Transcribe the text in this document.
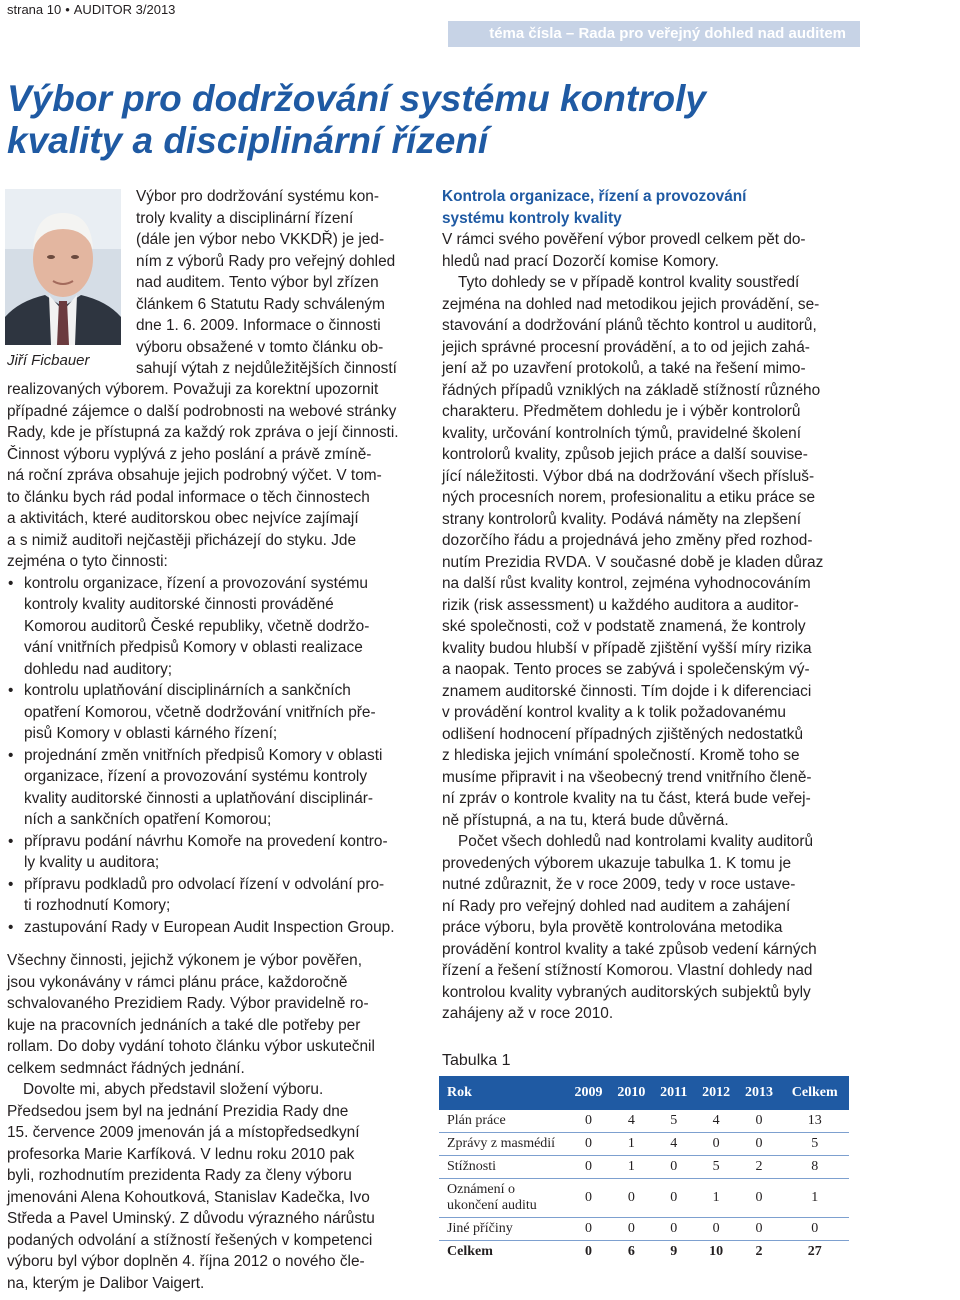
strana 10 • AUDITOR 3/2013
téma čísla – Rada pro veřejný dohled nad auditem
Výbor pro dodržování systému kontroly
kvality a disciplinární řízení
Jiří Ficbauer

Výbor pro dodržování systému kon-
troly kvality a disciplinární řízení
(dále jen výbor nebo VKKDŘ) je jed-
ním z výborů Rady pro veřejný dohled
nad auditem. Tento výbor byl zřízen
článkem 6 Statutu Rady schváleným
dne 1. 6. 2009. Informace o činnosti
výboru obsažené v tomto článku ob-
sahují výtah z nejdůležitějších činností

realizovaných výborem. Považuji za korektní upozornit
případné zájemce o další podrobnosti na webové stránky
Rady, kde je přístupná za každý rok zpráva o její činnosti.
Činnost výboru vyplývá z jeho poslání a právě zmíně-
ná roční zpráva obsahuje jejich podrobný výčet. V tom-
to článku bych rád podal informace o těch činnostech
a aktivitách, které auditorskou obec nejvíce zajímají
a s nimiž auditoři nejčastěji přicházejí do styku. Jde
zejména o tyto činnosti:

• kontrolu organizace, řízení a provozování systému
kontroly kvality auditorské činnosti prováděné
Komorou auditorů České republiky, včetně dodržo-
vání vnitřních předpisů Komory v oblasti realizace
dohledu nad auditory;
• kontrolu uplatňování disciplinárních a sankčních
opatření Komorou, včetně dodržování vnitřních pře-
pisů Komory v oblasti kárného řízení;
• projednání změn vnitřních předpisů Komory v oblasti
organizace, řízení a provozování systému kontroly
kvality auditorské činnosti a uplatňování disciplinár-
ních a sankčních opatření Komorou;
• přípravu podání návrhu Komoře na provedení kontro-
ly kvality u auditora;
• přípravu podkladů pro odvolací řízení v odvolání pro-
ti rozhodnutí Komory;
• zastupování Rady v European Audit Inspection Group.

Všechny činnosti, jejichž výkonem je výbor pověřen,
jsou vykonávány v rámci plánu práce, každoročně
schvalovaného Prezidiem Rady. Výbor pravidelně ro-
kuje na pracovních jednáních a také dle potřeby per
rollam. Do doby vydání tohoto článku výbor uskutečnil
celkem sedmnáct řádných jednání.

Dovolte mi, abych představil složení výboru.
Předsedou jsem byl na jednání Prezidia Rady dne
15. července 2009 jmenován já a místopředsedkyní
profesorka Marie Karfíková. V lednu roku 2010 pak
byli, rozhodnutím prezidenta Rady za členy výboru
jmenováni Alena Kohoutková, Stanislav Kadečka, Ivo
Středa a Pavel Uminský. Z důvodu výrazného nárůstu
podaných odvolání a stížností řešených v kompetenci
výboru byl výbor doplněn 4. října 2012 o nového čle-
na, kterým je Dalibor Vaigert.

Kontrola organizace, řízení a provozování
systému kontroly kvality

V rámci svého pověření výbor provedl celkem pět do-
hledů nad prací Dozorčí komise Komory.

Tyto dohledy se v případě kontrol kvality soustředí
zejména na dohled nad metodikou jejich provádění, se-
stavování a dodržování plánů těchto kontrol u auditorů,
jejich správné procesní provádění, a to od jejich zahá-
jení až po uzavření protokolů, a také na řešení mimo-
řádných případů vzniklých na základě stížností různého
charakteru. Předmětem dohledu je i výběr kontrolorů
kvality, určování kontrolních týmů, pravidelné školení
kontrolorů kvality, způsob jejich práce a další souvise-
jící náležitosti. Výbor dbá na dodržování všech přísluš-
ných procesních norem, profesionalitu a etiku práce se
strany kontrolorů kvality. Podává náměty na zlepšení
dozorčího řádu a projednává jeho změny před rozhod-
nutím Prezidia RVDA. V současné době je kladen důraz
na další růst kvality kontrol, zejména vyhodnocováním
rizik (risk assessment) u každého auditora a auditor-
ské společnosti, což v podstatě znamená, že kontroly
kvality budou hlubší v případě zjištění vyšší míry rizika
a naopak. Tento proces se zabývá i společenským vý-
znamem auditorské činnosti. Tím dojde i k diferenciaci
v provádění kontrol kvality a k tolik požadovanému
odlišení hodnocení případných zjištěných nedostatků
z hlediska jejich vnímání společností. Kromě toho se
musíme připravit i na všeobecný trend vnitřního členě-
ní zpráv o kontrole kvality na tu část, která bude veřej-
ně přístupná, a na tu, která bude důvěrná.

Počet všech dohledů nad kontrolami kvality auditorů
provedených výborem ukazuje tabulka 1. K tomu je
nutné zdůraznit, že v roce 2009, tedy v roce ustave-
ní Rady pro veřejný dohled nad auditem a zahájení
práce výboru, byla provětě kontrolována metodika
provádění kontrol kvality a také způsob vedení kárných
řízení a řešení stížností Komorou. Vlastní dohledy nad
kontrolou kvality vybraných auditorských subjektů byly
zahájeny až v roce 2010.

Tabulka 1
Rok	2009	2010	2011	2012	2013	Celkem
Plán práce	0	4	5	4	0	13
Zprávy z masmédií	0	1	4	0	0	5
Stížnosti	0	1	0	5	2	8
Oznámení o ukončení auditu	0	0	0	1	0	1
Jiné příčiny	0	0	0	0	0	0
Celkem	0	6	9	10	2	27
